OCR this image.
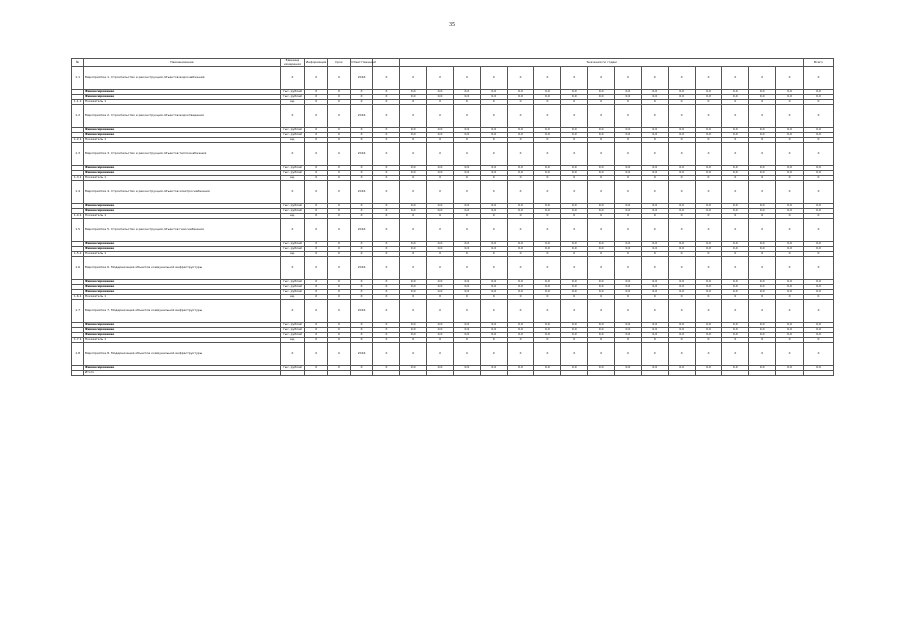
35
№	Наименование	Единица измерения	Информация	Срок	Ответственный		Значения по годам															Всего
1.1	Мероприятие 1. Строительство и реконструкция объектов водоснабжения	Х	Х	Х	2016	Х	Х	Х	Х	Х	Х	Х	Х	Х	Х	Х	Х	Х	Х	Х	Х	Х
	Финансирование	тыс. рублей	Х	Х	Х	Х	0,0	0,0	0,0	0,0	0,0	0,0	0,0	0,0	0,0	0,0	0,0	0,0	0,0	0,0	0,0	0,0
	Финансирование	тыс. рублей	Х	Х	Х	Х	0,0	0,0	0,0	0,0	0,0	0,0	0,0	0,0	0,0	0,0	0,0	0,0	0,0	0,0	0,0	0,0
1.1.1	Показатель 1	ед.	Х	Х	Х	Х	0	0	0	0	0	0	0	0	0	0	0	0	0	0	0	0
1.2	Мероприятие 2. Строительство и реконструкция объектов водоотведения	Х	Х	Х	2016	Х	Х	Х	Х	Х	Х	Х	Х	Х	Х	Х	Х	Х	Х	Х	Х	Х
	Финансирование	тыс. рублей	Х	Х	Х	Х	0,0	0,0	0,0	0,0	0,0	0,0	0,0	0,0	0,0	0,0	0,0	0,0	0,0	0,0	0,0	0,0
	Финансирование	тыс. рублей	Х	Х	Х	Х	0,0	0,0	0,0	0,0	0,0	0,0	0,0	0,0	0,0	0,0	0,0	0,0	0,0	0,0	0,0	0,0
1.2.1	Показатель 1	ед.	Х	Х	Х	Х	0	0	0	0	0	0	0	0	0	0	0	0	0	0	0	0
1.3	Мероприятие 3. Строительство и реконструкция объектов теплоснабжения	Х	Х	Х	2016	Х	Х	Х	Х	Х	Х	Х	Х	Х	Х	Х	Х	Х	Х	Х	Х	Х
	Финансирование	тыс. рублей	Х	Х	Х	Х	0,0	0,0	0,0	0,0	0,0	0,0	0,0	0,0	0,0	0,0	0,0	0,0	0,0	0,0	0,0	0,0
	Финансирование	тыс. рублей	Х	Х	Х	Х	0,0	0,0	0,0	0,0	0,0	0,0	0,0	0,0	0,0	0,0	0,0	0,0	0,0	0,0	0,0	0,0
1.3.1	Показатель 1	ед.	Х	Х	Х	Х	0	0	0	0	0	0	0	0	0	0	0	0	0	0	0	0
1.4	Мероприятие 4. Строительство и реконструкция объектов электроснабжения	Х	Х	Х	2016	Х	Х	Х	Х	Х	Х	Х	Х	Х	Х	Х	Х	Х	Х	Х	Х	Х
	Финансирование	тыс. рублей	Х	Х	Х	Х	0,0	0,0	0,0	0,0	0,0	0,0	0,0	0,0	0,0	0,0	0,0	0,0	0,0	0,0	0,0	0,0
	Финансирование	тыс. рублей	Х	Х	Х	Х	0,0	0,0	0,0	0,0	0,0	0,0	0,0	0,0	0,0	0,0	0,0	0,0	0,0	0,0	0,0	0,0
1.4.1	Показатель 1	ед.	Х	Х	Х	Х	0	0	0	0	0	0	0	0	0	0	0	0	0	0	0	0
1.5	Мероприятие 5. Строительство и реконструкция объектов газоснабжения	Х	Х	Х	2016	Х	Х	Х	Х	Х	Х	Х	Х	Х	Х	Х	Х	Х	Х	Х	Х	Х
	Финансирование	тыс. рублей	Х	Х	Х	Х	0,0	0,0	0,0	0,0	0,0	0,0	0,0	0,0	0,0	0,0	0,0	0,0	0,0	0,0	0,0	0,0
	Финансирование	тыс. рублей	Х	Х	Х	Х	0,0	0,0	0,0	0,0	0,0	0,0	0,0	0,0	0,0	0,0	0,0	0,0	0,0	0,0	0,0	0,0
1.5.1	Показатель 1	ед.	Х	Х	Х	Х	0	0	0	0	0	0	0	0	0	0	0	0	0	0	0	0
1.6	Мероприятие 6. Модернизация объектов коммунальной инфраструктуры	Х	Х	Х	2016	Х	Х	Х	Х	Х	Х	Х	Х	Х	Х	Х	Х	Х	Х	Х	Х	Х
	Финансирование	тыс. рублей	Х	Х	Х	Х	0,0	0,0	0,0	0,0	0,0	0,0	0,0	0,0	0,0	0,0	0,0	0,0	0,0	0,0	0,0	0,0
	Финансирование	тыс. рублей	Х	Х	Х	Х	0,0	0,0	0,0	0,0	0,0	0,0	0,0	0,0	0,0	0,0	0,0	0,0	0,0	0,0	0,0	0,0
	Финансирование	тыс. рублей	Х	Х	Х	Х	0,0	0,0	0,0	0,0	0,0	0,0	0,0	0,0	0,0	0,0	0,0	0,0	0,0	0,0	0,0	0,0
1.6.1	Показатель 1	ед.	Х	Х	Х	Х	0	0	0	0	0	0	0	0	0	0	0	0	0	0	0	0
1.7	Мероприятие 7. Модернизация объектов коммунальной инфраструктуры	Х	Х	Х	2016	Х	Х	Х	Х	Х	Х	Х	Х	Х	Х	Х	Х	Х	Х	Х	Х	Х
	Финансирование	тыс. рублей	Х	Х	Х	Х	0,0	0,0	0,0	0,0	0,0	0,0	0,0	0,0	0,0	0,0	0,0	0,0	0,0	0,0	0,0	0,0
	Финансирование	тыс. рублей	Х	Х	Х	Х	0,0	0,0	0,0	0,0	0,0	0,0	0,0	0,0	0,0	0,0	0,0	0,0	0,0	0,0	0,0	0,0
	Финансирование	тыс. рублей	Х	Х	Х	Х	0,0	0,0	0,0	0,0	0,0	0,0	0,0	0,0	0,0	0,0	0,0	0,0	0,0	0,0	0,0	0,0
1.7.1	Показатель 1	ед.	Х	Х	Х	Х	0	0	0	0	0	0	0	0	0	0	0	0	0	0	0	0
1.8	Мероприятие 8. Модернизация объектов коммунальной инфраструктуры	Х	Х	Х	2016	Х	Х	Х	Х	Х	Х	Х	Х	Х	Х	Х	Х	Х	Х	Х	Х	Х
	Финансирование	тыс. рублей	Х	Х	Х	Х	0,0	0,0	0,0	0,0	0,0	0,0	0,0	0,0	0,0	0,0	0,0	0,0	0,0	0,0	0,0	0,0
	Итого																					
